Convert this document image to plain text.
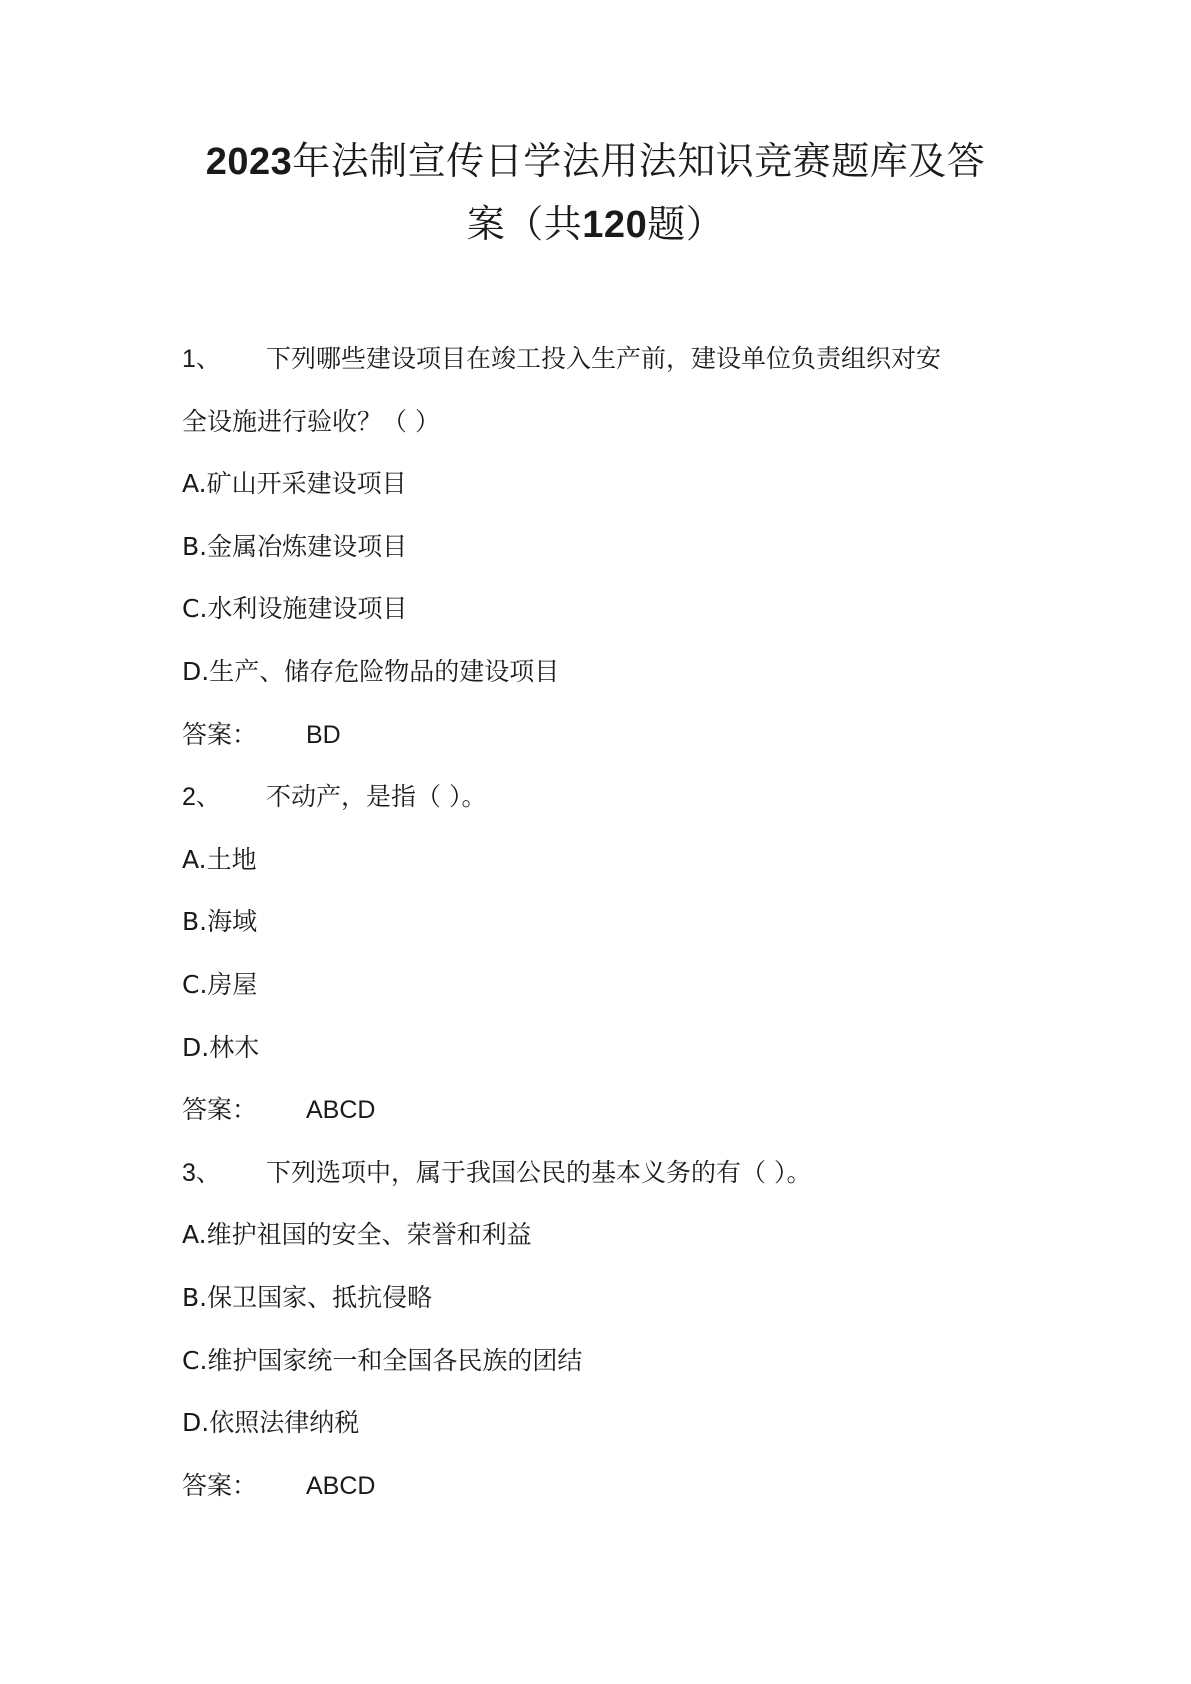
2023年法制宣传日学法用法知识竞赛题库及答
案（共120题）
1、 下列哪些建设项目在竣工投入生产前，建设单位负责组织对安
全设施进行验收？（ ）
A.矿山开采建设项目
B.金属冶炼建设项目
C.水利设施建设项目
D.生产、储存危险物品的建设项目
答案： BD
2、 不动产，是指（ ）。
A.土地
B.海域
C.房屋
D.林木
答案： ABCD
3、 下列选项中，属于我国公民的基本义务的有（ ）。
A.维护祖国的安全、荣誉和利益
B.保卫国家、抵抗侵略
C.维护国家统一和全国各民族的团结
D.依照法律纳税
答案： ABCD
